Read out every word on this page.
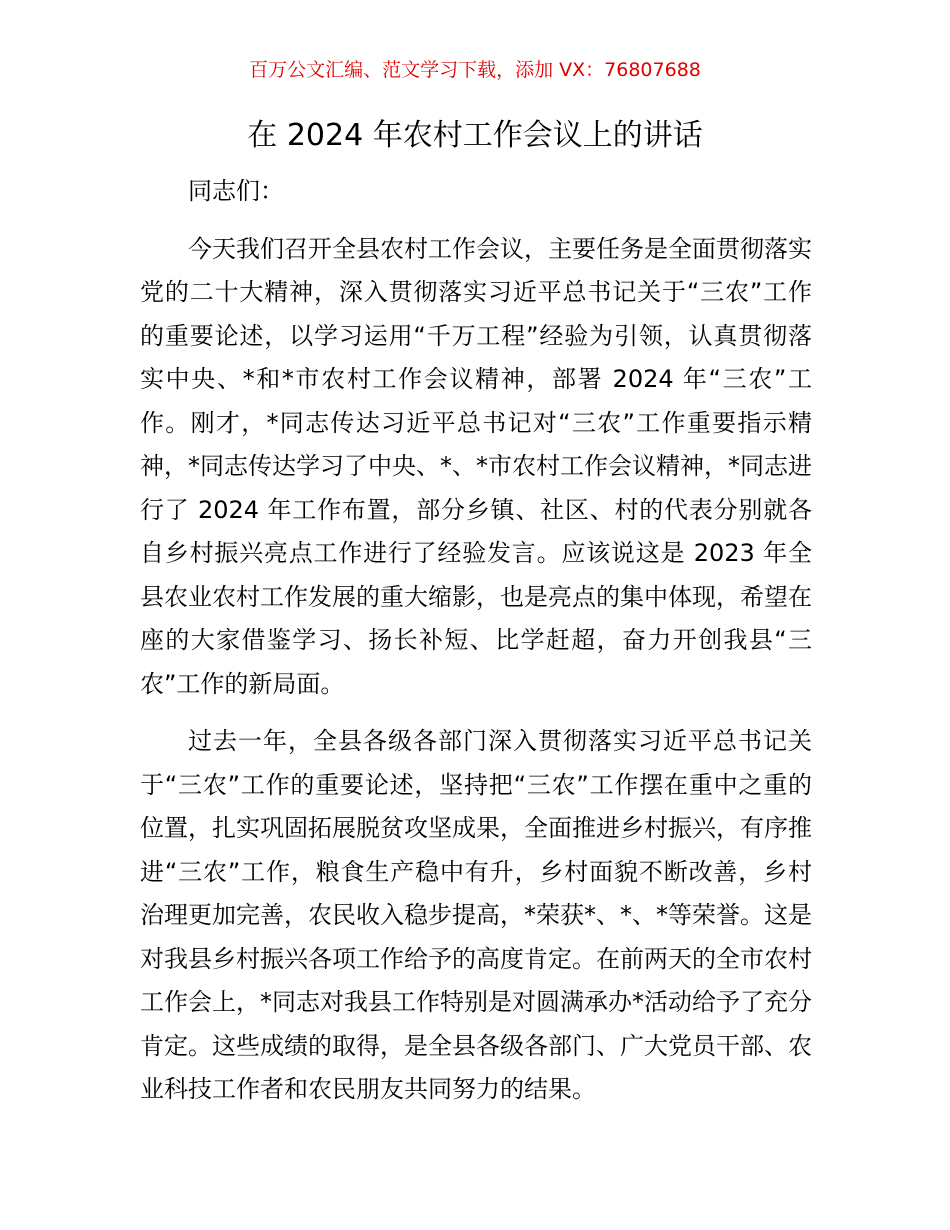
百万公文汇编、范文学习下载，添加 VX：76807688
在 2024 年农村工作会议上的讲话

同志们：

今天我们召开全县农村工作会议，主要任务是全面贯彻落实党的二十大精神，深入贯彻落实习近平总书记关于“三农”工作的重要论述，以学习运用“千万工程”经验为引领，认真贯彻落实中央、*和*市农村工作会议精神，部署 2024 年“三农”工作。刚才，*同志传达习近平总书记对“三农”工作重要指示精神，*同志传达学习了中央、*、*市农村工作会议精神，*同志进行了 2024 年工作布置，部分乡镇、社区、村的代表分别就各自乡村振兴亮点工作进行了经验发言。应该说这是 2023 年全县农业农村工作发展的重大缩影，也是亮点的集中体现，希望在座的大家借鉴学习、扬长补短、比学赶超，奋力开创我县“三农”工作的新局面。

过去一年，全县各级各部门深入贯彻落实习近平总书记关于“三农”工作的重要论述，坚持把“三农”工作摆在重中之重的位置，扎实巩固拓展脱贫攻坚成果，全面推进乡村振兴，有序推进“三农”工作，粮食生产稳中有升，乡村面貌不断改善，乡村治理更加完善，农民收入稳步提高，*荣获*、*、*等荣誉。这是对我县乡村振兴各项工作给予的高度肯定。在前两天的全市农村工作会上，*同志对我县工作特别是对圆满承办*活动给予了充分肯定。这些成绩的取得，是全县各级各部门、广大党员干部、农业科技工作者和农民朋友共同努力的结果。
